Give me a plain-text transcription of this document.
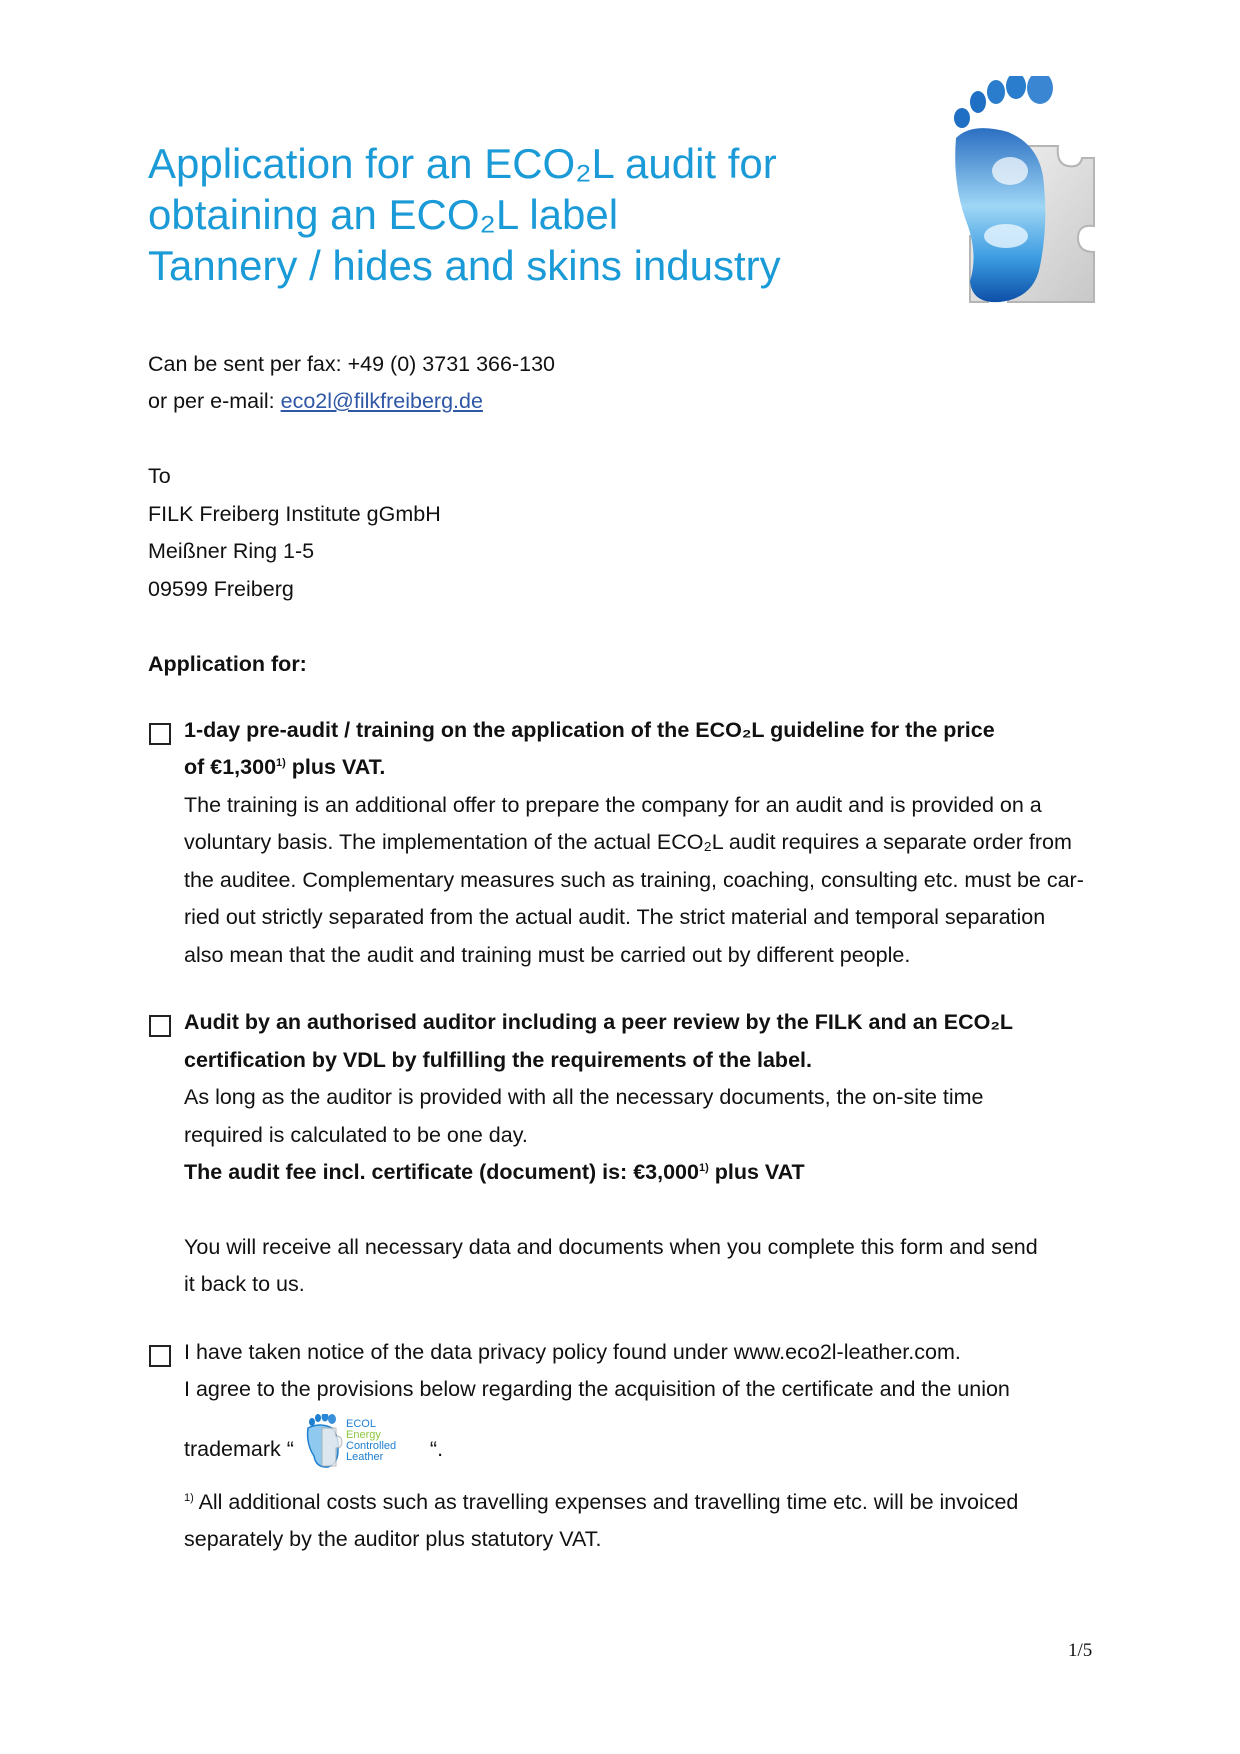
Application for an ECO₂L audit for
obtaining an ECO₂L label
Tannery / hides and skins industry
Can be sent per fax: +49 (0) 3731 366-130
or per e-mail: eco2l@filkfreiberg.de
To
FILK Freiberg Institute gGmbH
Meißner Ring 1-5
09599 Freiberg
Application for:
1-day pre-audit / training on the application of the ECO₂L guideline for the price
of €1,300$^{1)}$ plus VAT.
The training is an additional offer to prepare the company for an audit and is provided on a
voluntary basis. The implementation of the actual ECO₂L audit requires a separate order from
the auditee. Complementary measures such as training, coaching, consulting etc. must be car-
ried out strictly separated from the actual audit. The strict material and temporal separation
also mean that the audit and training must be carried out by different people.
Audit by an authorised auditor including a peer review by the FILK and an ECO₂L
certification by VDL by fulfilling the requirements of the label.
As long as the auditor is provided with all the necessary documents, the on-site time
required is calculated to be one day.
The audit fee incl. certificate (document) is: €3,000$^{1)}$ plus VAT
You will receive all necessary data and documents when you complete this form and send
it back to us.
I have taken notice of the data privacy policy found under www.eco2l-leather.com.
I agree to the provisions below regarding the acquisition of the certificate and the union
trademark “
ECOL
Energy
Controlled
Leather “.
$^{1)}$ All additional costs such as travelling expenses and travelling time etc. will be invoiced
separately by the auditor plus statutory VAT.
1/5
